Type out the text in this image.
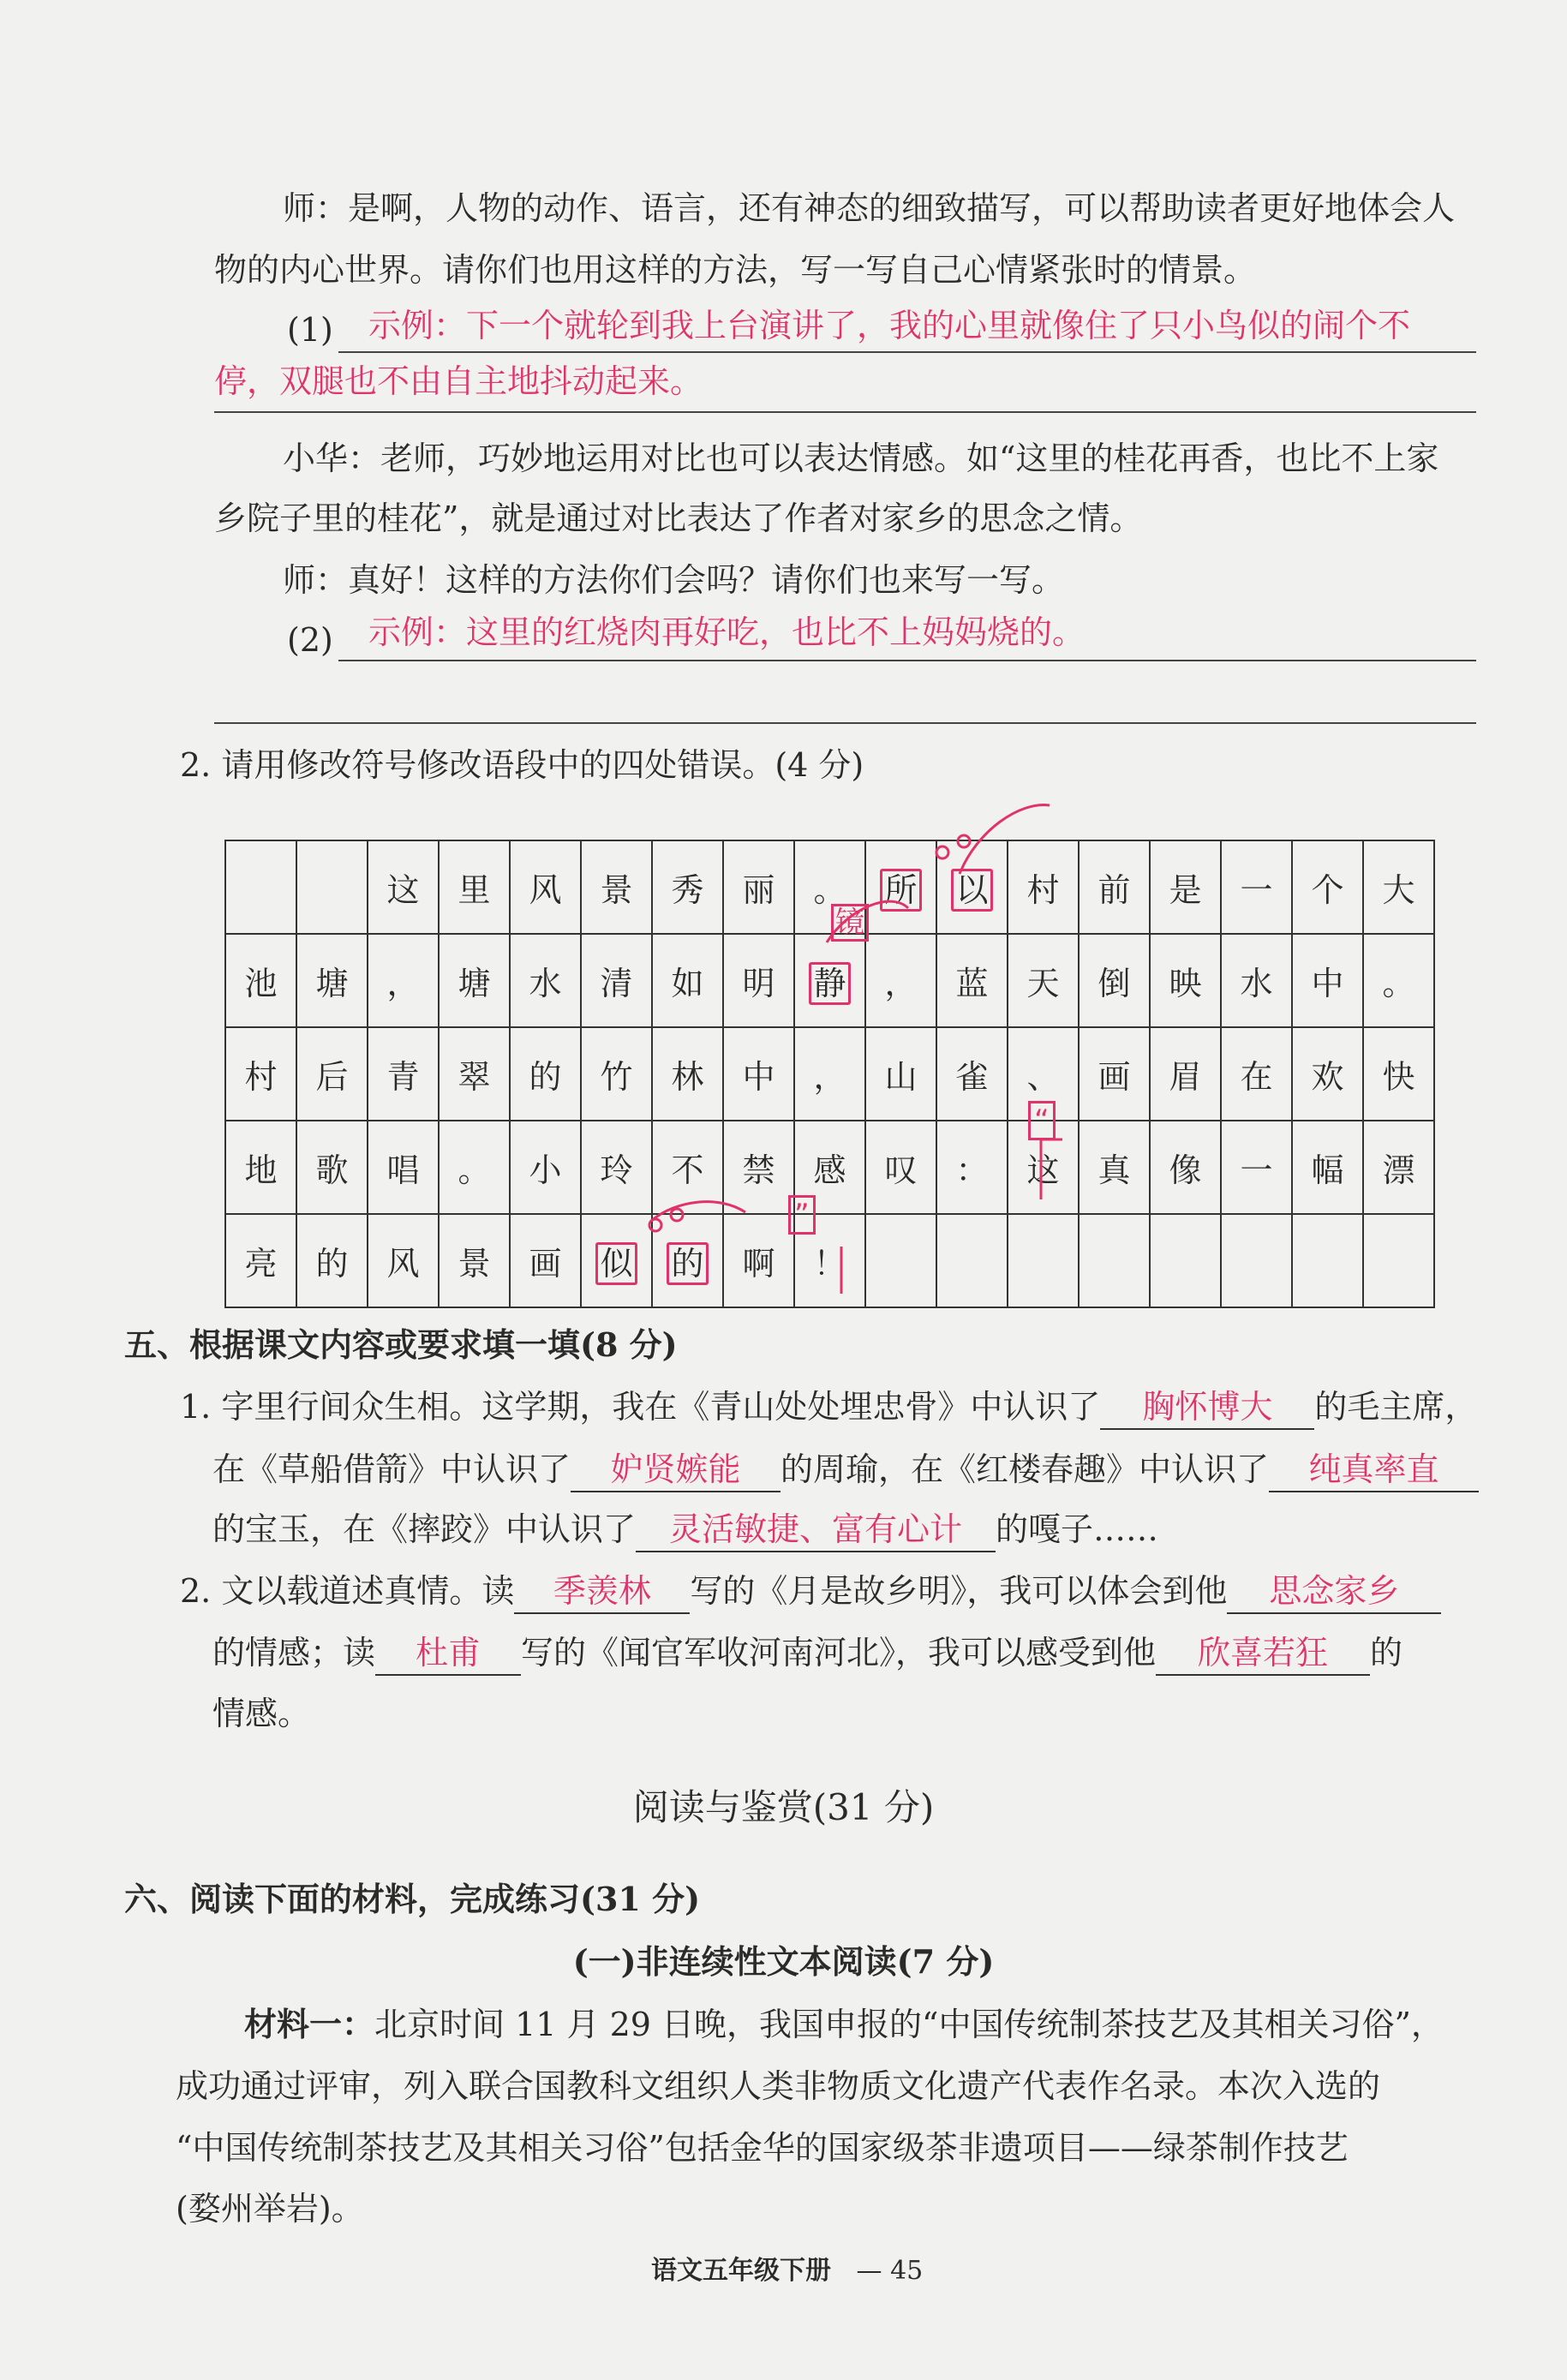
师：是啊，人物的动作、语言，还有神态的细致描写，可以帮助读者更好地体会人
物的内心世界。请你们也用这样的方法，写一写自己心情紧张时的情景。
(1) 示例：下一个就轮到我上台演讲了，我的心里就像住了只小鸟似的闹个不
停，双腿也不由自主地抖动起来。
小华：老师，巧妙地运用对比也可以表达情感。如“这里的桂花再香，也比不上家
乡院子里的桂花”，就是通过对比表达了作者对家乡的思念之情。
师：真好！这样的方法你们会吗？请你们也来写一写。
(2) 示例：这里的红烧肉再好吃，也比不上妈妈烧的。
2. 请用修改符号修改语段中的四处错误。(4 分)
		这	里	风	景	秀	丽	。	所	以	村	前	是	一	个	大
池	塘	，	塘	水	清	如	明	静	，	蓝	天	倒	映	水	中	。
村	后	青	翠	的	竹	林	中	，	山	雀	、	画	眉	在	欢	快
地	歌	唱	。	小	玲	不	禁	感	叹	：	这	真	像	一	幅	漂
亮	的	风	景	画	似	的	啊	！								
镜
“
”
五、根据课文内容或要求填一填(8 分)
1. 字里行间众生相。这学期，我在《青山处处埋忠骨》中认识了 胸怀博大 的毛主席，
在《草船借箭》中认识了 妒贤嫉能 的周瑜，在《红楼春趣》中认识了 纯真率直
的宝玉，在《摔跤》中认识了 灵活敏捷、富有心计 的嘎子……
2. 文以载道述真情。读 季羡林 写的《月是故乡明》，我可以体会到他 思念家乡
的情感；读 杜甫 写的《闻官军收河南河北》，我可以感受到他 欣喜若狂 的
情感。
阅读与鉴赏(31 分)
六、阅读下面的材料，完成练习(31 分)
(一)非连续性文本阅读(7 分)
材料一：北京时间 11 月 29 日晚，我国申报的“中国传统制茶技艺及其相关习俗”，
成功通过评审，列入联合国教科文组织人类非物质文化遗产代表作名录。本次入选的
“中国传统制茶技艺及其相关习俗”包括金华的国家级茶非遗项目——绿茶制作技艺
(婺州举岩)。
语文五年级下册 — 45
